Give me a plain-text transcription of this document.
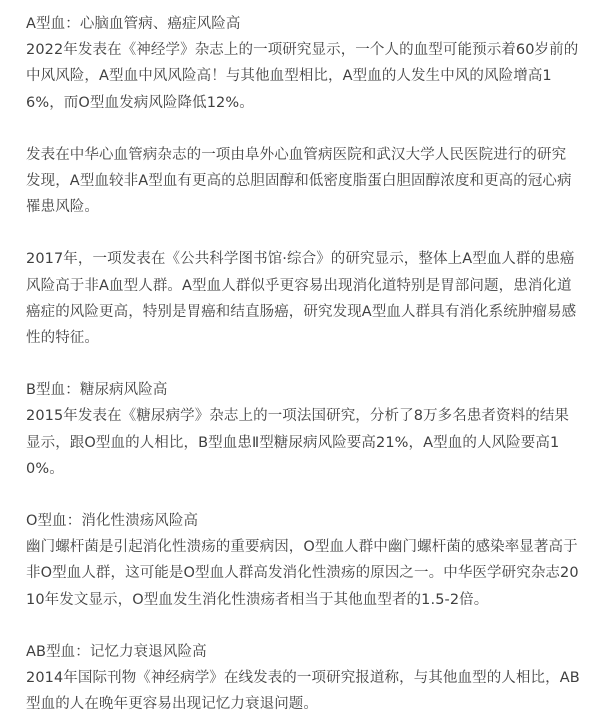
A型血：心脑血管病、癌症风险高
2022年发表在《神经学》杂志上的一项研究显示，一个人的血型可能预示着60岁前的中风风险，A型血中风风险高！与其他血型相比，A型血的人发生中风的风险增高16%，而O型血发病风险降低12%。

发表在中华心血管病杂志的一项由阜外心血管病医院和武汉大学人民医院进行的研究发现，A型血较非A型血有更高的总胆固醇和低密度脂蛋白胆固醇浓度和更高的冠心病罹患风险。

2017年，一项发表在《公共科学图书馆·综合》的研究显示，整体上A型血人群的患癌风险高于非A血型人群。A型血人群似乎更容易出现消化道特别是胃部问题，患消化道癌症的风险更高，特别是胃癌和结直肠癌，研究发现A型血人群具有消化系统肿瘤易感性的特征。

B型血：糖尿病风险高
2015年发表在《糖尿病学》杂志上的一项法国研究，分析了8万多名患者资料的结果显示，跟O型血的人相比，B型血患Ⅱ型糖尿病风险要高21%，A型血的人风险要高10%。

O型血：消化性溃疡风险高
幽门螺杆菌是引起消化性溃疡的重要病因，O型血人群中幽门螺杆菌的感染率显著高于非O型血人群，这可能是O型血人群高发消化性溃疡的原因之一。中华医学研究杂志2010年发文显示，O型血发生消化性溃疡者相当于其他血型者的1.5-2倍。

AB型血：记忆力衰退风险高
2014年国际刊物《神经病学》在线发表的一项研究报道称，与其他血型的人相比，AB型血的人在晚年更容易出现记忆力衰退问题。
